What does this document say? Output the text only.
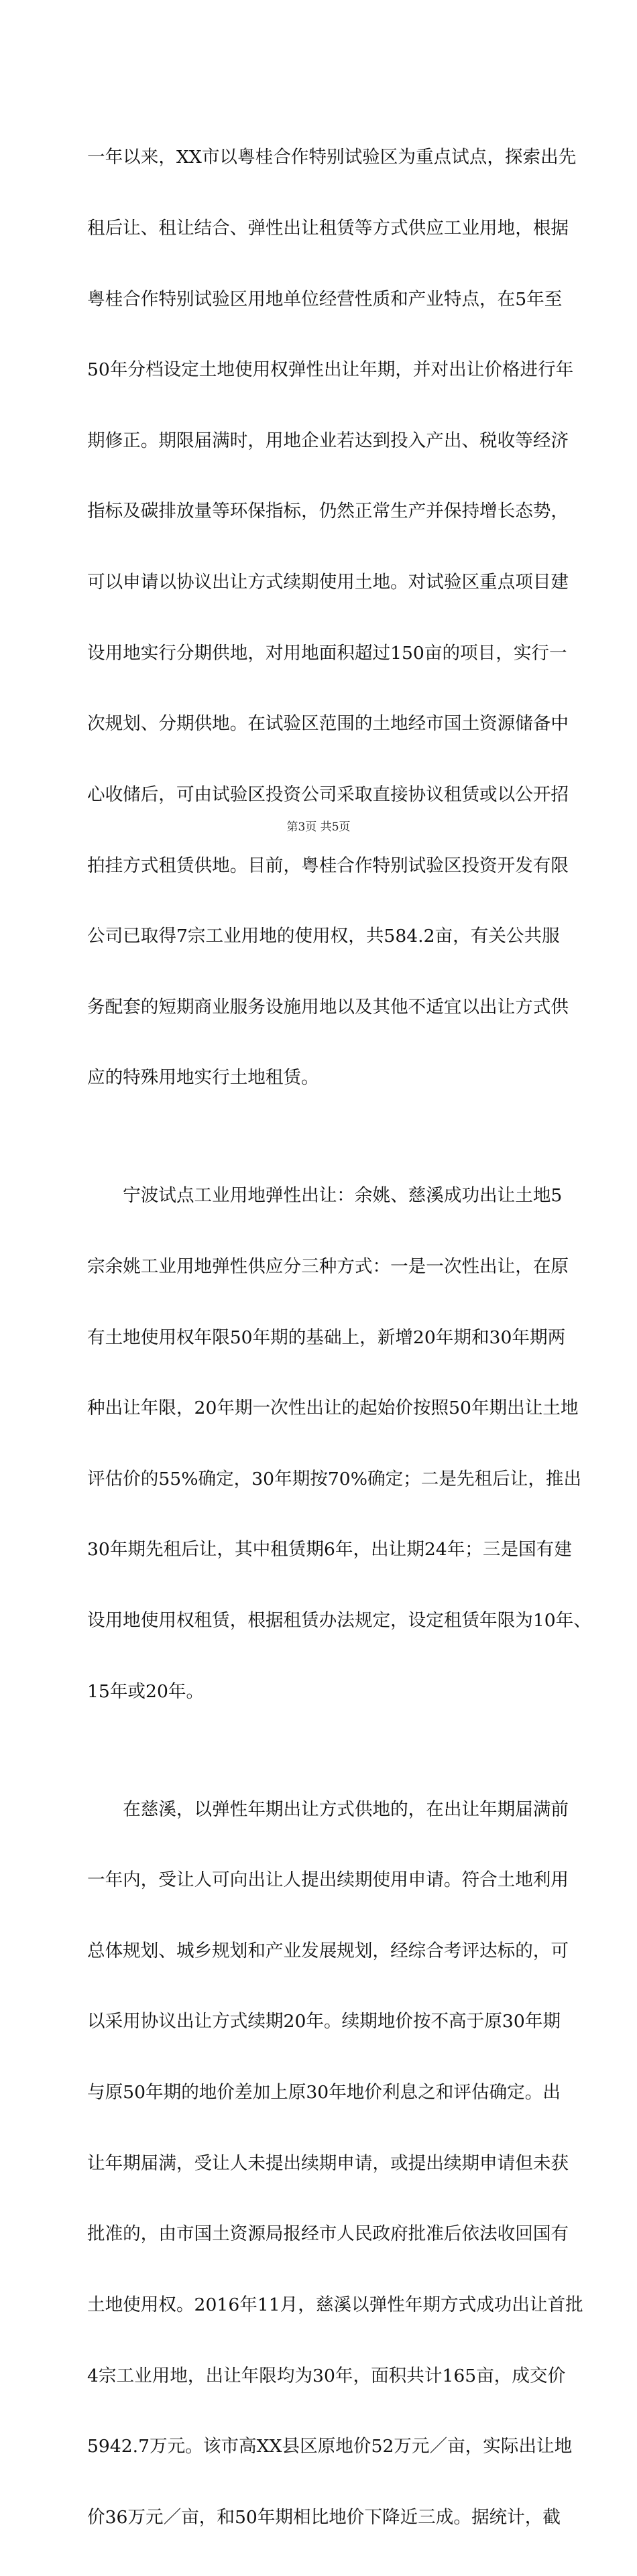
一年以来，XX市以粤桂合作特别试验区为重点试点，探索出先

租后让、租让结合、弹性出让租赁等方式供应工业用地，根据

粤桂合作特别试验区用地单位经营性质和产业特点，在5年至

50年分档设定土地使用权弹性出让年期，并对出让价格进行年

期修正。期限届满时，用地企业若达到投入产出、税收等经济

指标及碳排放量等环保指标，仍然正常生产并保持增长态势，

可以申请以协议出让方式续期使用土地。对试验区重点项目建

设用地实行分期供地，对用地面积超过150亩的项目，实行一

次规划、分期供地。在试验区范围的土地经市国土资源储备中

心收储后，可由试验区投资公司采取直接协议租赁或以公开招

拍挂方式租赁供地。目前，粤桂合作特别试验区投资开发有限

公司已取得7宗工业用地的使用权，共584.2亩，有关公共服

务配套的短期商业服务设施用地以及其他不适宜以出让方式供

应的特殊用地实行土地租赁。

　　宁波试点工业用地弹性出让：余姚、慈溪成功出让土地5

宗余姚工业用地弹性供应分三种方式：一是一次性出让，在原

有土地使用权年限50年期的基础上，新增20年期和30年期两

种出让年限，20年期一次性出让的起始价按照50年期出让土地

评估价的55%确定，30年期按70%确定；二是先租后让，推出

30年期先租后让，其中租赁期6年，出让期24年；三是国有建

设用地使用权租赁，根据租赁办法规定，设定租赁年限为10年、

15年或20年。

　　在慈溪，以弹性年期出让方式供地的，在出让年期届满前

一年内，受让人可向出让人提出续期使用申请。符合土地利用

总体规划、城乡规划和产业发展规划，经综合考评达标的，可

以采用协议出让方式续期20年。续期地价按不高于原30年期

与原50年期的地价差加上原30年地价利息之和评估确定。出

让年期届满，受让人未提出续期申请，或提出续期申请但未获

批准的，由市国土资源局报经市人民政府批准后依法收回国有

土地使用权。2016年11月，慈溪以弹性年期方式成功出让首批

4宗工业用地，出让年限均为30年，面积共计165亩，成交价

5942.7万元。该市高XX县区原地价52万元／亩，实际出让地

价36万元／亩，和50年期相比地价下降近三成。据统计，截

第3页 共5页
